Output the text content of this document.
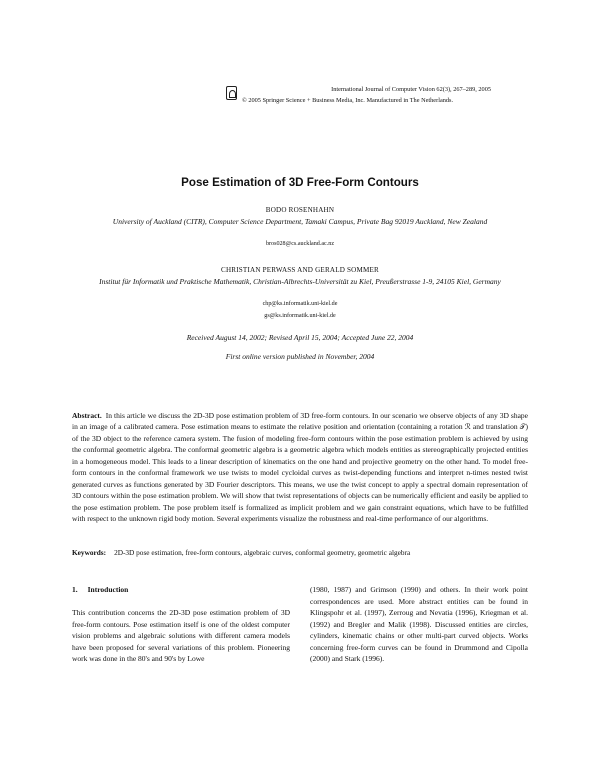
International Journal of Computer Vision 62(3), 267–289, 2005
© 2005 Springer Science + Business Media, Inc. Manufactured in The Netherlands.
Pose Estimation of 3D Free-Form Contours
BODO ROSENHAHN
University of Auckland (CITR), Computer Science Department, Tamaki Campus, Private Bag 92019 Auckland, New Zealand
bros028@cs.auckland.ac.nz
CHRISTIAN PERWASS AND GERALD SOMMER
Institut für Informatik und Praktische Mathematik, Christian-Albrechts-Universität zu Kiel, Preußerstrasse 1-9, 24105 Kiel, Germany
chp@ks.informatik.uni-kiel.de
gs@ks.informatik.uni-kiel.de
Received August 14, 2002; Revised April 15, 2004; Accepted June 22, 2004
First online version published in November, 2004
Abstract. In this article we discuss the 2D-3D pose estimation problem of 3D free-form contours. In our scenario we observe objects of any 3D shape in an image of a calibrated camera. Pose estimation means to estimate the relative position and orientation (containing a rotation ℛ and translation 𝒯) of the 3D object to the reference camera system. The fusion of modeling free-form contours within the pose estimation problem is achieved by using the conformal geometric algebra. The conformal geometric algebra is a geometric algebra which models entities as stereographically projected entities in a homogeneous model. This leads to a linear description of kinematics on the one hand and projective geometry on the other hand. To model free-form contours in the conformal framework we use twists to model cycloidal curves as twist-depending functions and interpret n-times nested twist generated curves as functions generated by 3D Fourier descriptors. This means, we use the twist concept to apply a spectral domain representation of 3D contours within the pose estimation problem. We will show that twist representations of objects can be numerically efficient and easily be applied to the pose estimation problem. The pose problem itself is formalized as implicit problem and we gain constraint equations, which have to be fulfilled with respect to the unknown rigid body motion. Several experiments visualize the robustness and real-time performance of our algorithms.
Keywords: 2D-3D pose estimation, free-form contours, algebraic curves, conformal geometry, geometric algebra
1. Introduction
This contribution concerns the 2D-3D pose estimation problem of 3D free-form contours. Pose estimation itself is one of the oldest computer vision problems and algebraic solutions with different camera models have been proposed for several variations of this problem. Pioneering work was done in the 80's and 90's by Lowe
(1980, 1987) and Grimson (1990) and others. In their work point correspondences are used. More abstract entities can be found in Klingspohr et al. (1997), Zerroug and Nevatia (1996), Kriegman et al. (1992) and Bregler and Malik (1998). Discussed entities are circles, cylinders, kinematic chains or other multi-part curved objects. Works concerning free-form curves can be found in Drummond and Cipolla (2000) and Stark (1996).
